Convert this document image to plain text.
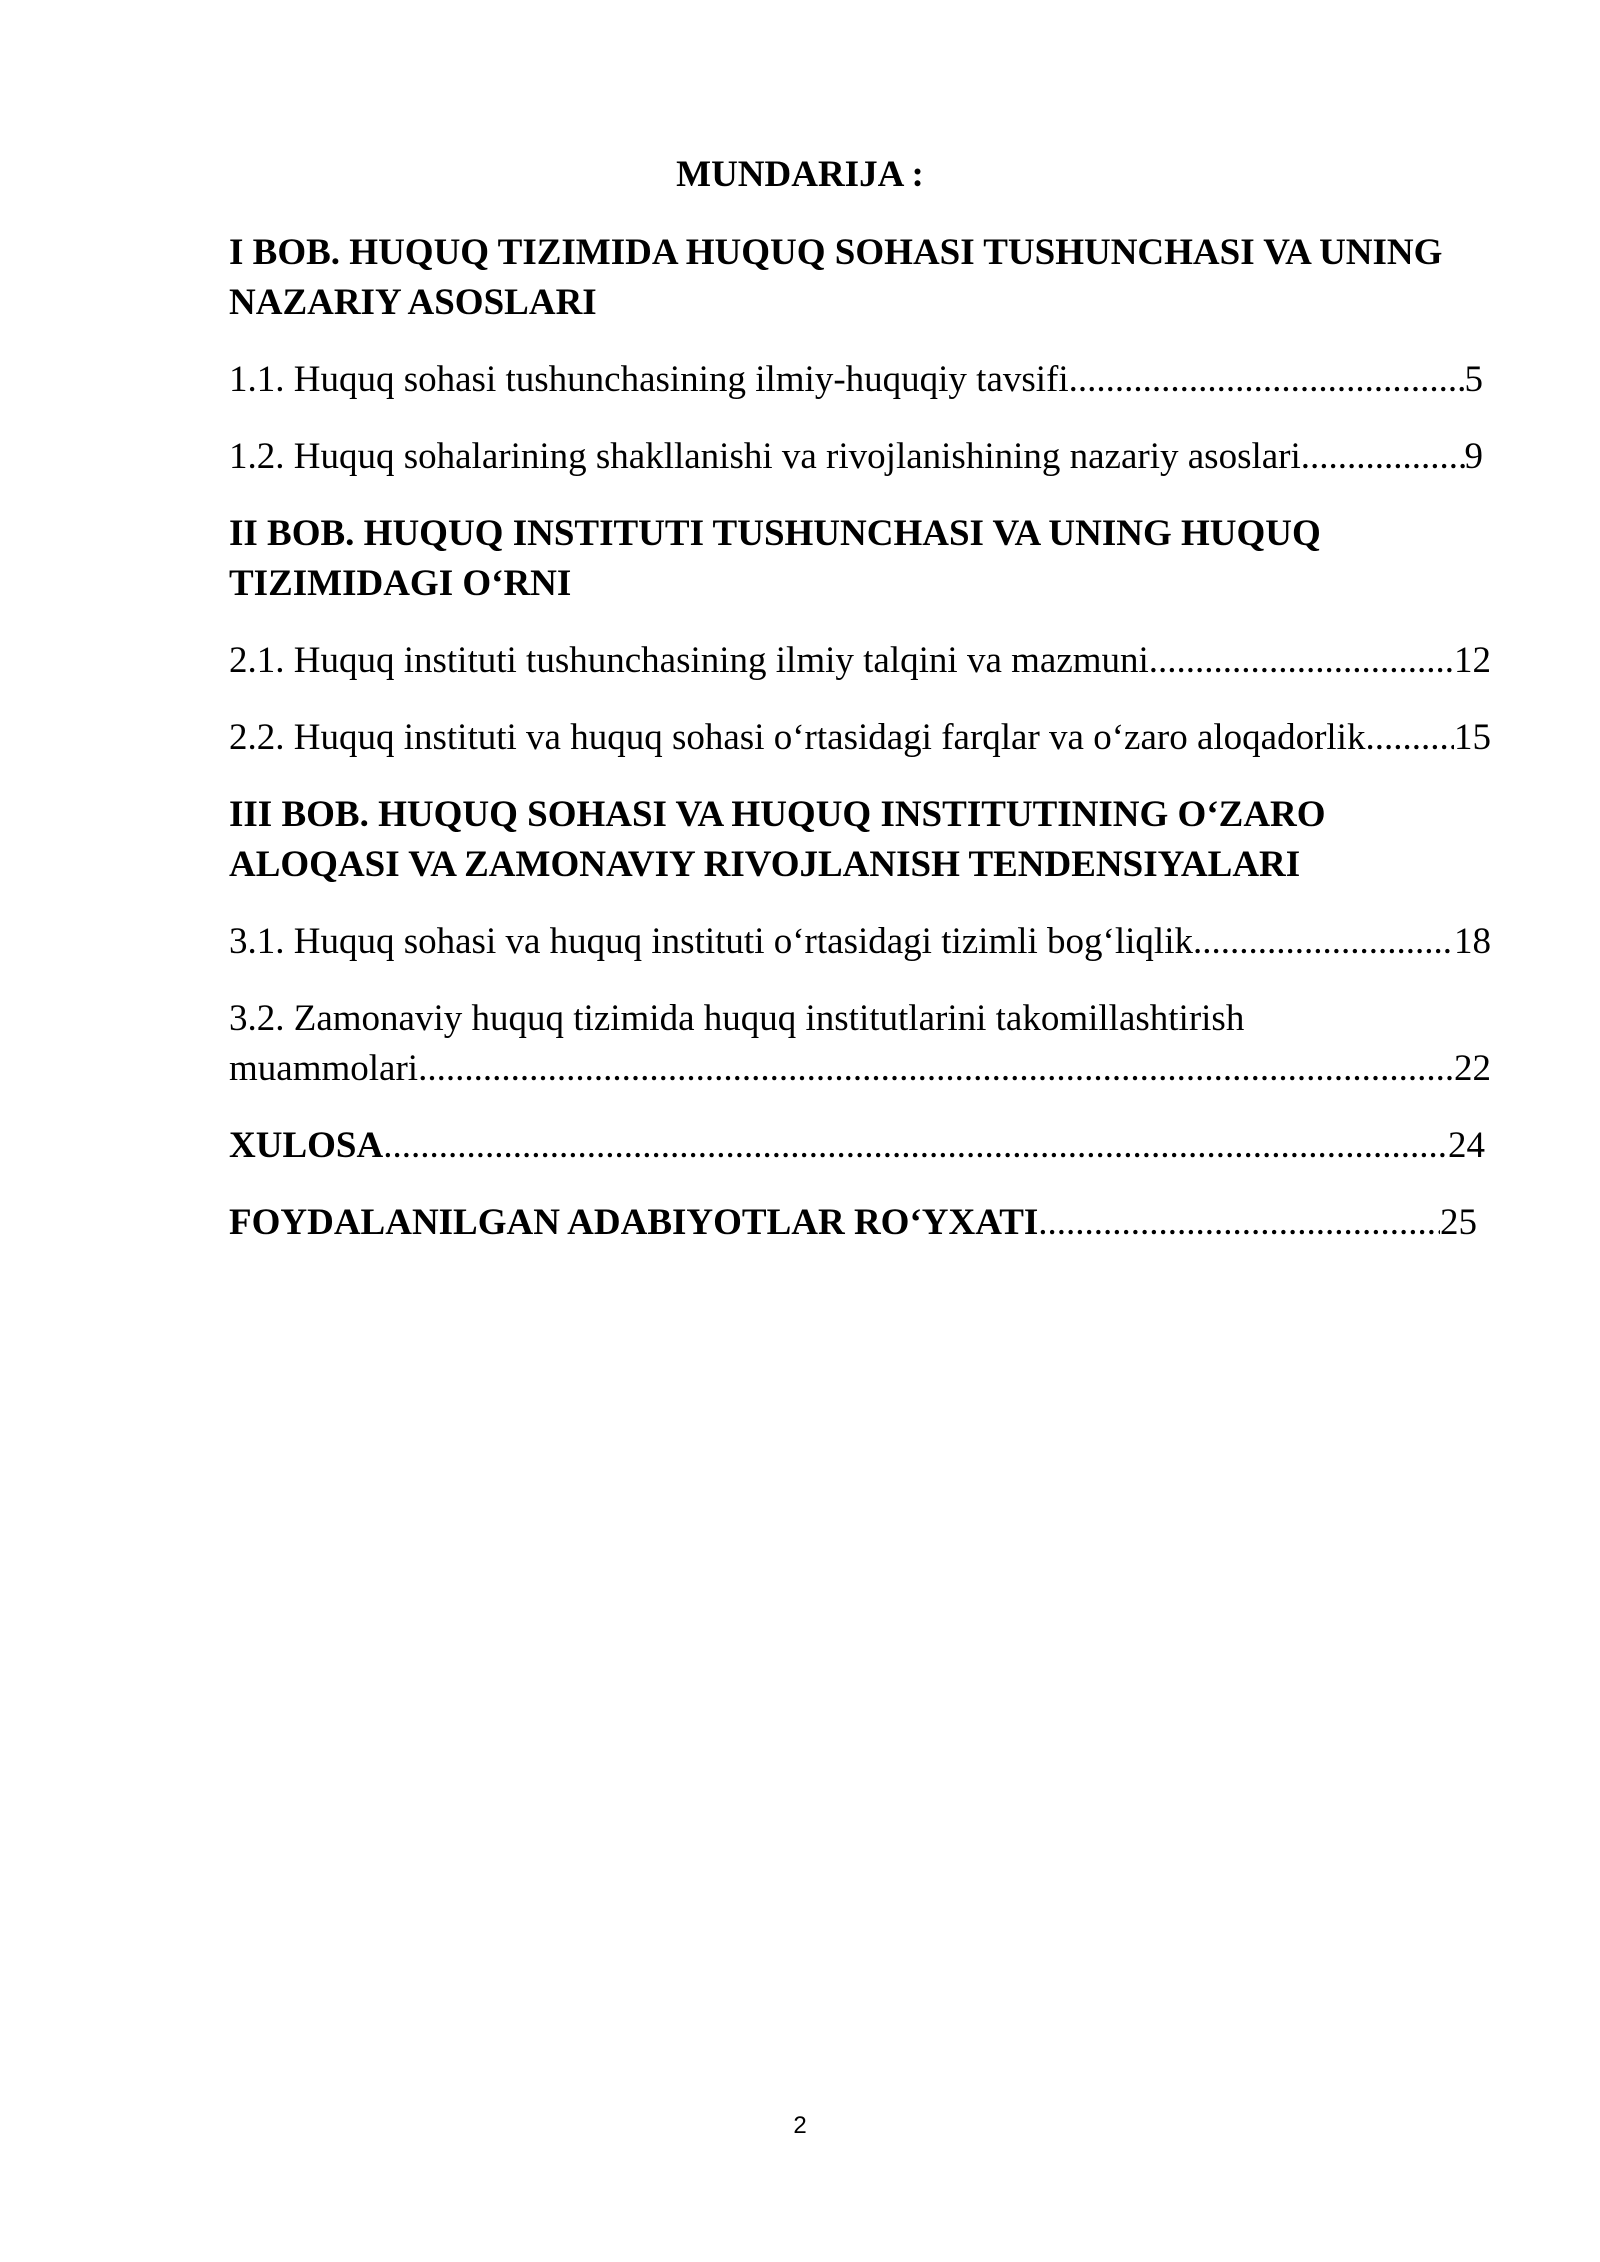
MUNDARIJA :
I BOB. HUQUQ TIZIMIDA HUQUQ SOHASI TUSHUNCHASI VA UNING
NAZARIY ASOSLARI
1.1. Huquq sohasi tushunchasining ilmiy-huquqiy tavsifi .....	5
1.2. Huquq sohalarining shakllanishi va rivojlanishining nazariy asoslari .....	9
II BOB. HUQUQ INSTITUTI TUSHUNCHASI VA UNING HUQUQ
TIZIMIDAGI O‘RNI
2.1. Huquq instituti tushunchasining ilmiy talqini va mazmuni .....	12
2.2. Huquq instituti va huquq sohasi o‘rtasidagi farqlar va o‘zaro aloqadorlik ..... 15
III BOB. HUQUQ SOHASI VA HUQUQ INSTITUTINING O‘ZARO
ALOQASI VA ZAMONAVIY RIVOJLANISH TENDENSIYALARI
3.1. Huquq sohasi va huquq instituti o‘rtasidagi tizimli bog‘liqlik .....	18
3.2. Zamonaviy huquq tizimida huquq institutlarini takomillashtirish
muammolari .....	22
XULOSA .....	24
FOYDALANILGAN ADABIYOTLAR RO‘YXATI .....	25
2
